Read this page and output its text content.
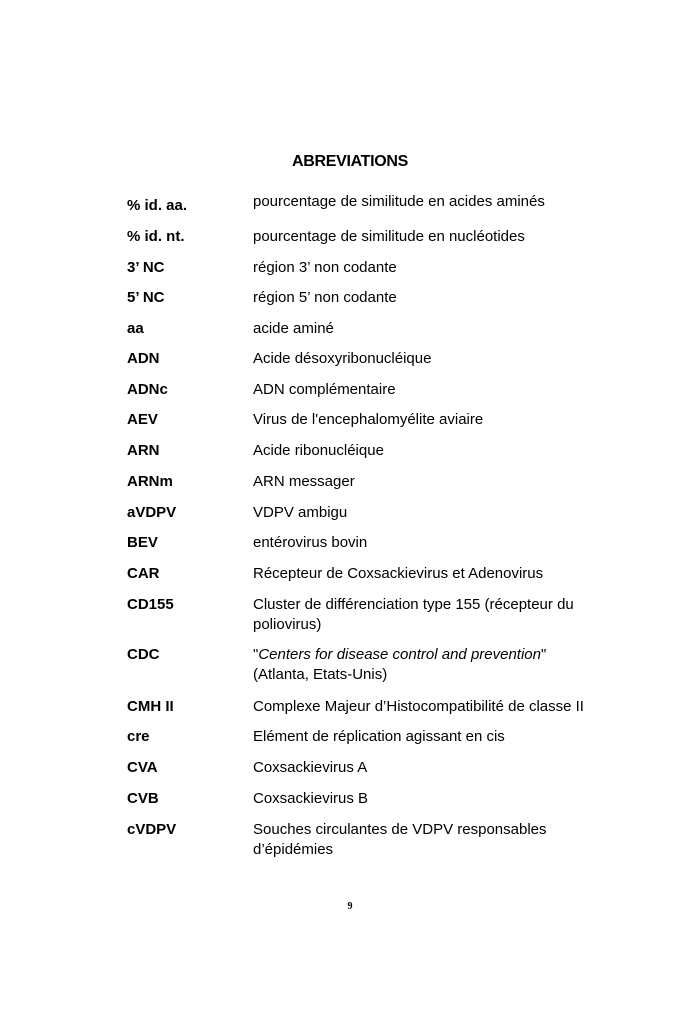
ABREVIATIONS
% id. aa.	pourcentage de similitude en acides aminés
% id. nt.	pourcentage de similitude en nucléotides
3’ NC	région 3’ non codante
5’ NC	région 5’ non codante
aa	acide aminé
ADN	Acide désoxyribonucléique
ADNc	ADN complémentaire
AEV	Virus de l'encephalomyélite aviaire
ARN	Acide ribonucléique
ARNm	ARN messager
aVDPV	VDPV ambigu
BEV	entérovirus bovin
CAR	Récepteur de Coxsackievirus et Adenovirus
CD155	Cluster de différenciation type 155 (récepteur du
poliovirus)
CDC	"Centers for disease control and prevention"
(Atlanta, Etats-Unis)
CMH II	Complexe Majeur d’Histocompatibilité de classe II
cre	Elément de réplication agissant en cis
CVA	Coxsackievirus A
CVB	Coxsackievirus B
cVDPV	Souches circulantes de VDPV responsables
d’épidémies
9
